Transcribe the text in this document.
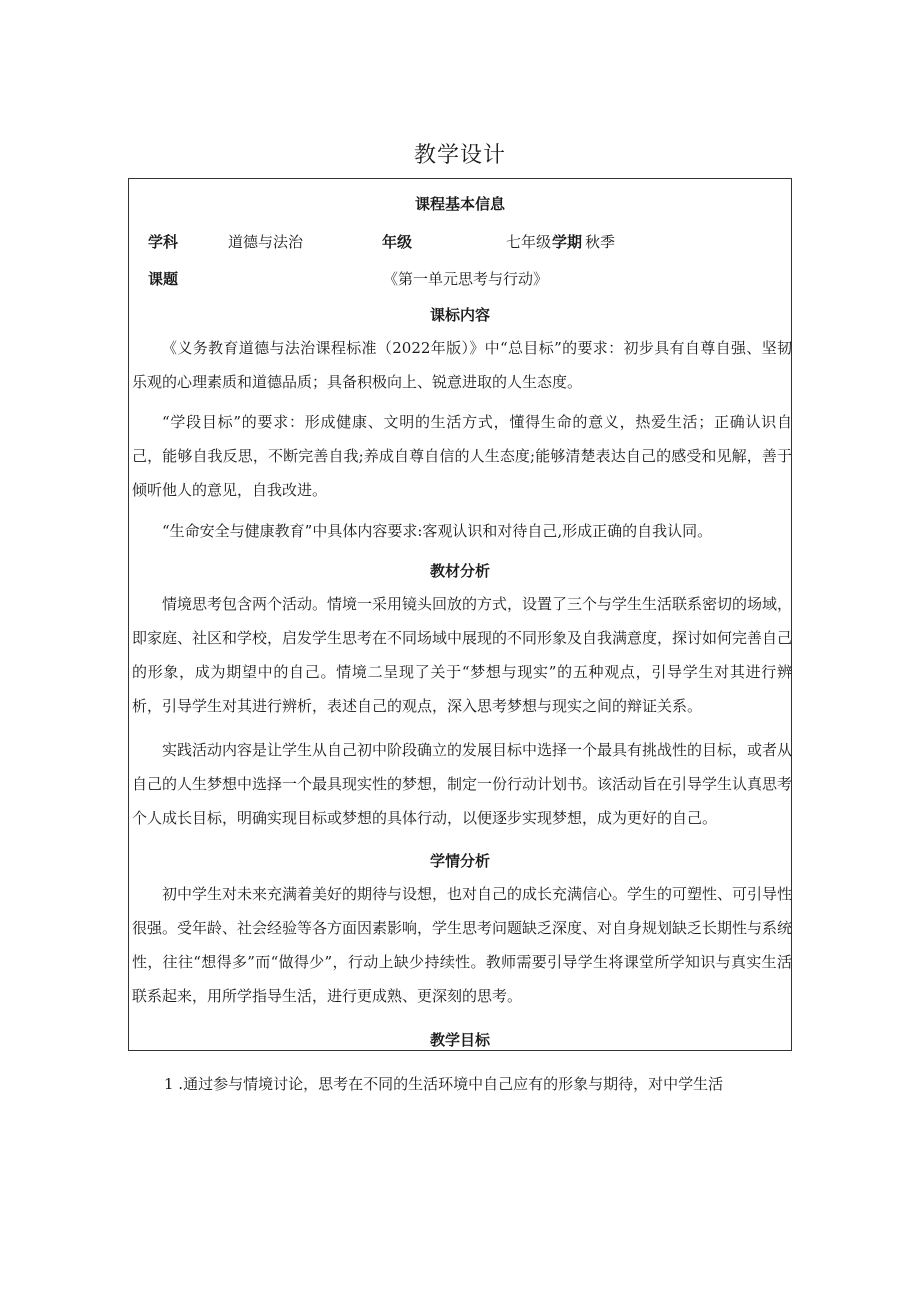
教学设计
课程基本信息
学科	道德与法治	年级	七年级 学期 秋季
课题	《第一单元思考与行动》
课标内容

《义务教育道德与法治课程标准（2022年版）》中“总目标”的要求：初步具有自尊自强、坚韧乐观的心理素质和道德品质；具备积极向上、锐意进取的人生态度。

“学段目标”的要求：形成健康、文明的生活方式，懂得生命的意义，热爱生活；正确认识自己，能够自我反思，不断完善自我;养成自尊自信的人生态度;能够清楚表达自己的感受和见解，善于倾听他人的意见，自我改进。

“生命安全与健康教育”中具体内容要求:客观认识和对待自己,形成正确的自我认同。

教材分析

情境思考包含两个活动。情境一采用镜头回放的方式，设置了三个与学生生活联系密切的场域，即家庭、社区和学校，启发学生思考在不同场域中展现的不同形象及自我满意度，探讨如何完善自己的形象，成为期望中的自己。情境二呈现了关于“梦想与现实”的五种观点，引导学生对其进行辨析，引导学生对其进行辨析，表述自己的观点，深入思考梦想与现实之间的辩证关系。

实践活动内容是让学生从自己初中阶段确立的发展目标中选择一个最具有挑战性的目标，或者从自己的人生梦想中选择一个最具现实性的梦想，制定一份行动计划书。该活动旨在引导学生认真思考个人成长目标，明确实现目标或梦想的具体行动，以便逐步实现梦想，成为更好的自己。

学情分析

初中学生对未来充满着美好的期待与设想，也对自己的成长充满信心。学生的可塑性、可引导性很强。受年龄、社会经验等各方面因素影响，学生思考问题缺乏深度、对自身规划缺乏长期性与系统性，往往“想得多”而“做得少”，行动上缺少持续性。教师需要引导学生将课堂所学知识与真实生活联系起来，用所学指导生活，进行更成熟、更深刻的思考。

教学目标
1 .通过参与情境讨论，思考在不同的生活环境中自己应有的形象与期待，对中学生活
